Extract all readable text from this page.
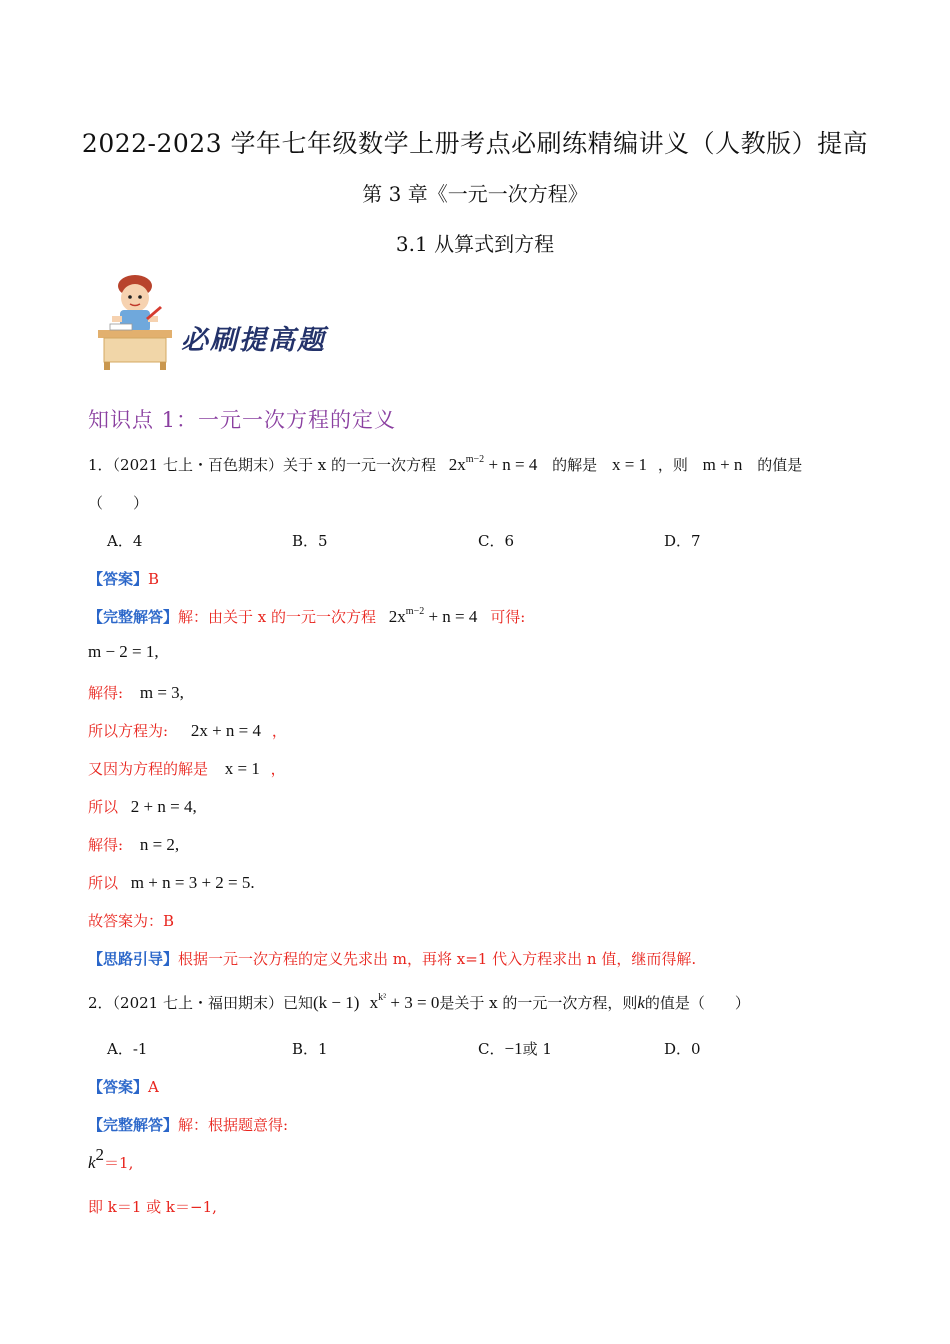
2022-2023 学年七年级数学上册考点必刷练精编讲义（人教版）提高
第 3 章《一元一次方程》
3.1 从算式到方程
必刷提高题
知识点 1：一元一次方程的定义
1．（2021 七上・百色期末）关于 x 的一元一次方程 $2x^{m-2} + n = 4$ 的解是 x = 1 ，则 m + n 的值是
（　　）
A．4	B．5	C．6	D．7
【答案】B
【完整解答】解：由关于 x 的一元一次方程 $2x^{m-2} + n = 4$ 可得:
m − 2 = 1,
解得: m = 3,
所以方程为: 2x + n = 4 ，
又因为方程的解是 x = 1 ，
所以 2 + n = 4,
解得: n = 2,
所以 m + n = 3 + 2 = 5.
故答案为：B
【思路引导】根据一元一次方程的定义先求出 m，再将 x=1 代入方程求出 n 值，继而得解.
2．（2021 七上・福田期末）已知(k − 1) $x^{k^2} + 3 = 0$是关于 x 的一元一次方程，则k的值是（　　）
A．-1	B．1	C．−1或 1	D．0
【答案】A
【完整解答】解：根据题意得:
$k^2=1$,
即 k＝1 或 k＝−1,
